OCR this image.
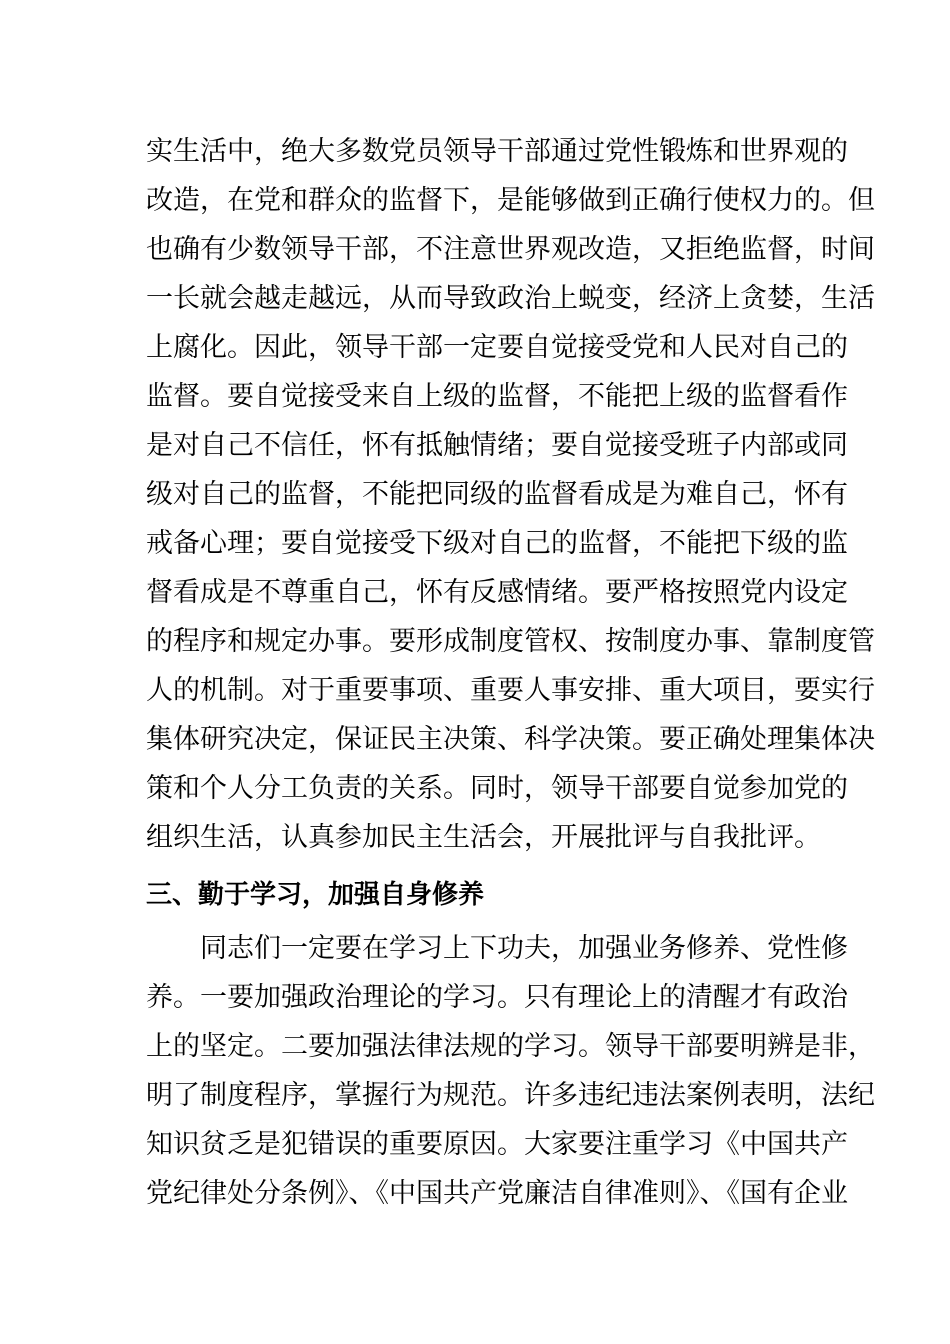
实生活中，绝大多数党员领导干部通过党性锻炼和世界观的
改造，在党和群众的监督下，是能够做到正确行使权力的。但
也确有少数领导干部，不注意世界观改造，又拒绝监督，时间
一长就会越走越远，从而导致政治上蜕变，经济上贪婪，生活
上腐化。因此，领导干部一定要自觉接受党和人民对自己的
监督。要自觉接受来自上级的监督，不能把上级的监督看作
是对自己不信任，怀有抵触情绪；要自觉接受班子内部或同
级对自己的监督，不能把同级的监督看成是为难自己，怀有
戒备心理；要自觉接受下级对自己的监督，不能把下级的监
督看成是不尊重自己，怀有反感情绪。要严格按照党内设定
的程序和规定办事。要形成制度管权、按制度办事、靠制度管
人的机制。对于重要事项、重要人事安排、重大项目，要实行
集体研究决定，保证民主决策、科学决策。要正确处理集体决
策和个人分工负责的关系。同时，领导干部要自觉参加党的
组织生活，认真参加民主生活会，开展批评与自我批评。
三、勤于学习，加强自身修养
同志们一定要在学习上下功夫，加强业务修养、党性修
养。一要加强政治理论的学习。只有理论上的清醒才有政治
上的坚定。二要加强法律法规的学习。领导干部要明辨是非，
明了制度程序，掌握行为规范。许多违纪违法案例表明，法纪
知识贫乏是犯错误的重要原因。大家要注重学习《中国共产
党纪律处分条例》、《中国共产党廉洁自律准则》、《国有企业
